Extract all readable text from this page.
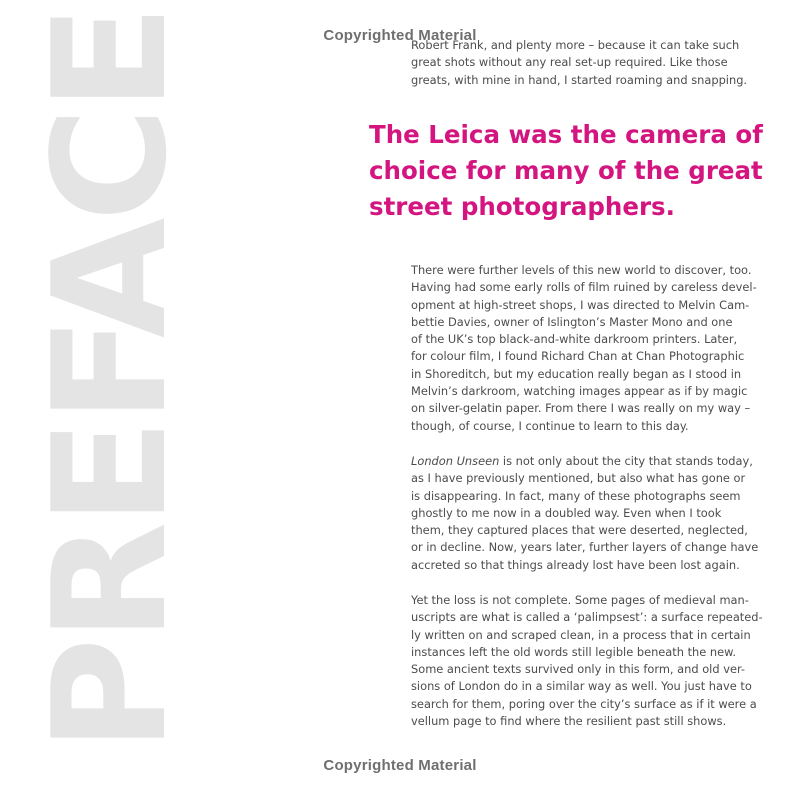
Copyrighted Material
PREFACE	Robert Frank, and plenty more – because it can take such
great shots without any real set-up required. Like those
greats, with mine in hand, I started roaming and snapping.

The Leica was the camera of
choice for many of the great
street photographers.

There were further levels of this new world to discover, too.
Having had some early rolls of film ruined by careless devel-
opment at high-street shops, I was directed to Melvin Cam-
bettie Davies, owner of Islington’s Master Mono and one
of the UK’s top black-and-white darkroom printers. Later,
for colour film, I found Richard Chan at Chan Photographic
in Shoreditch, but my education really began as I stood in
Melvin’s darkroom, watching images appear as if by magic
on silver-gelatin paper. From there I was really on my way –
though, of course, I continue to learn to this day.

London Unseen is not only about the city that stands today,
as I have previously mentioned, but also what has gone or
is disappearing. In fact, many of these photographs seem
ghostly to me now in a doubled way. Even when I took
them, they captured places that were deserted, neglected,
or in decline. Now, years later, further layers of change have
accreted so that things already lost have been lost again.

Yet the loss is not complete. Some pages of medieval man-
uscripts are what is called a ‘palimpsest’: a surface repeated-
ly written on and scraped clean, in a process that in certain
instances left the old words still legible beneath the new.
Some ancient texts survived only in this form, and old ver-
sions of London do in a similar way as well. You just have to
search for them, poring over the city’s surface as if it were a
vellum page to find where the resilient past still shows.

Copyrighted Material
